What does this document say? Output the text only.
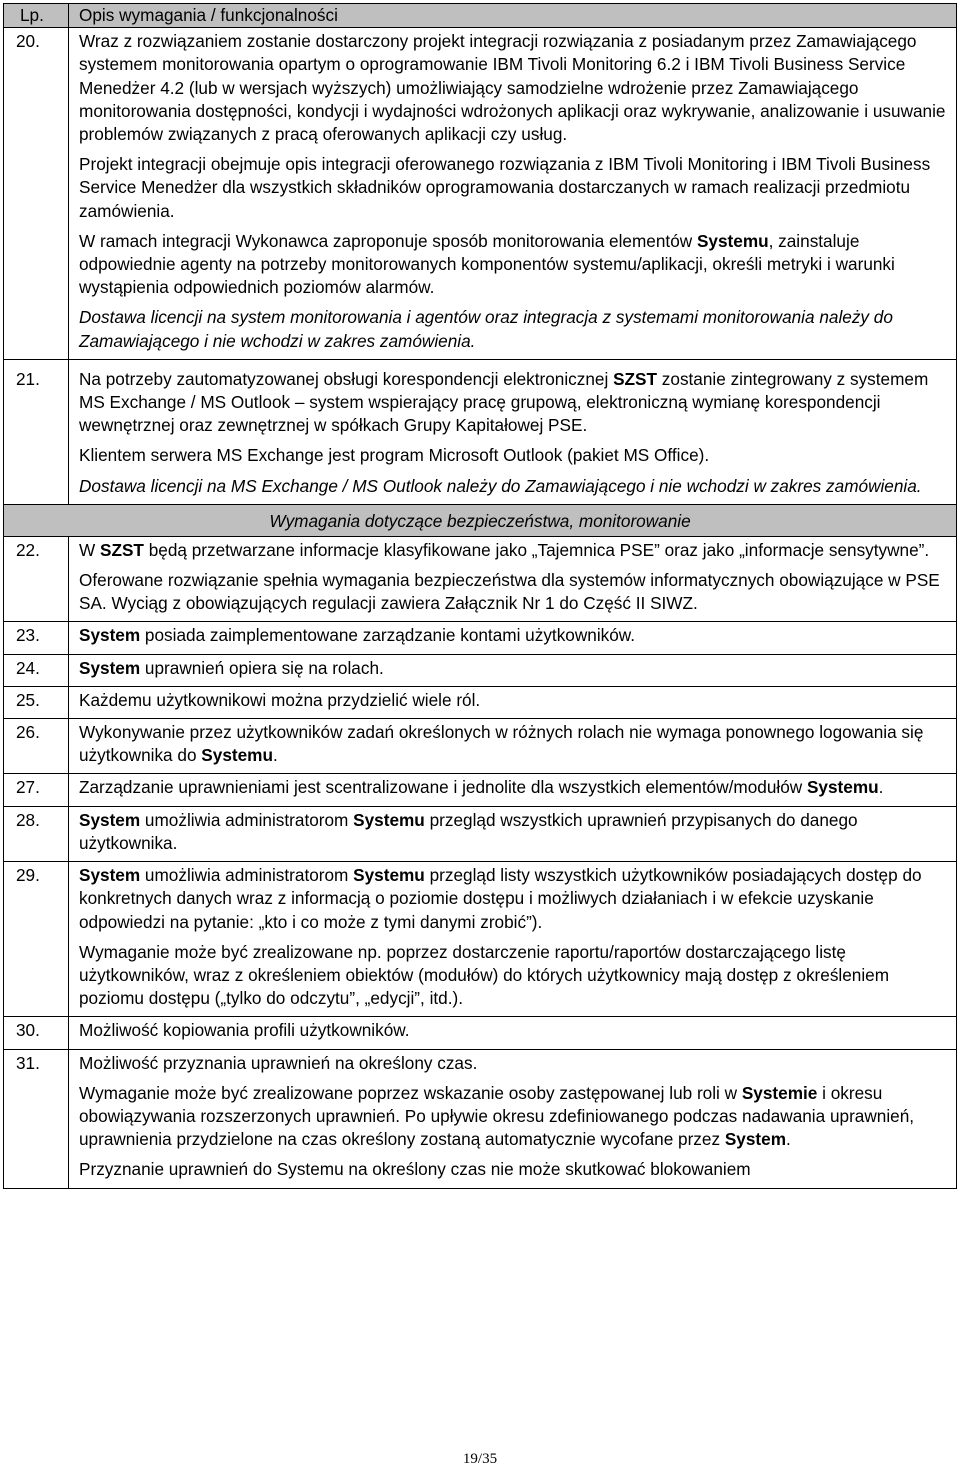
Lp.	Opis wymagania / funkcjonalności

20.	Wraz z rozwiązaniem zostanie dostarczony projekt integracji rozwiązania z posiadanym przez Zamawiającego systemem monitorowania opartym o oprogramowanie IBM Tivoli Monitoring 6.2 i IBM Tivoli Business Service Menedżer 4.2 (lub w wersjach wyższych) umożliwiający samodzielne wdrożenie przez Zamawiającego monitorowania dostępności, kondycji i wydajności wdrożonych aplikacji oraz wykrywanie, analizowanie i usuwanie problemów związanych z pracą oferowanych aplikacji czy usług.
Projekt integracji obejmuje opis integracji oferowanego rozwiązania z IBM Tivoli Monitoring i IBM Tivoli Business Service Menedżer dla wszystkich składników oprogramowania dostarczanych w ramach realizacji przedmiotu zamówienia.
W ramach integracji Wykonawca zaproponuje sposób monitorowania elementów Systemu, zainstaluje odpowiednie agenty na potrzeby monitorowanych komponentów systemu/aplikacji, określi metryki i warunki wystąpienia odpowiednich poziomów alarmów.
Dostawa licencji na system monitorowania i agentów oraz integracja z systemami monitorowania należy do Zamawiającego i nie wchodzi w zakres zamówienia.

21.	Na potrzeby zautomatyzowanej obsługi korespondencji elektronicznej SZST zostanie zintegrowany z systemem MS Exchange / MS Outlook – system wspierający pracę grupową, elektroniczną wymianę korespondencji wewnętrznej oraz zewnętrznej w spółkach Grupy Kapitałowej PSE.
Klientem serwera MS Exchange jest program Microsoft Outlook (pakiet MS Office).
Dostawa licencji na MS Exchange / MS Outlook należy do Zamawiającego i nie wchodzi w zakres zamówienia.

Wymagania dotyczące bezpieczeństwa, monitorowanie	

22.	W SZST będą przetwarzane informacje klasyfikowane jako „Tajemnica PSE” oraz jako „informacje sensytywne”.
Oferowane rozwiązanie spełnia wymagania bezpieczeństwa dla systemów informatycznych obowiązujące w PSE SA. Wyciąg z obowiązujących regulacji zawiera Załącznik Nr 1 do Część II SIWZ.

23.	System posiada zaimplementowane zarządzanie kontami użytkowników.

24.	System uprawnień opiera się na rolach.

25.	Każdemu użytkownikowi można przydzielić wiele ról.

26.	Wykonywanie przez użytkowników zadań określonych w różnych rolach nie wymaga ponownego logowania się użytkownika do Systemu.

27.	Zarządzanie uprawnieniami jest scentralizowane i jednolite dla wszystkich elementów/modułów Systemu.

28.	System umożliwia administratorom Systemu przegląd wszystkich uprawnień przypisanych do danego użytkownika.

29.	System umożliwia administratorom Systemu przegląd listy wszystkich użytkowników posiadających dostęp do konkretnych danych wraz z informacją o poziomie dostępu i możliwych działaniach i w efekcie uzyskanie odpowiedzi na pytanie: „kto i co może z tymi danymi zrobić”).
Wymaganie może być zrealizowane np. poprzez dostarczenie raportu/raportów dostarczającego listę użytkowników, wraz z określeniem obiektów (modułów) do których użytkownicy mają dostęp z określeniem poziomu dostępu („tylko do odczytu”, „edycji”, itd.).

30.	Możliwość kopiowania profili użytkowników.

31.	Możliwość przyznania uprawnień na określony czas.
Wymaganie może być zrealizowane poprzez wskazanie osoby zastępowanej lub roli w Systemie i okresu obowiązywania rozszerzonych uprawnień. Po upływie okresu zdefiniowanego podczas nadawania uprawnień, uprawnienia przydzielone na czas określony zostaną automatycznie wycofane przez System.
Przyznanie uprawnień do Systemu na określony czas nie może skutkować blokowaniem
19/35
